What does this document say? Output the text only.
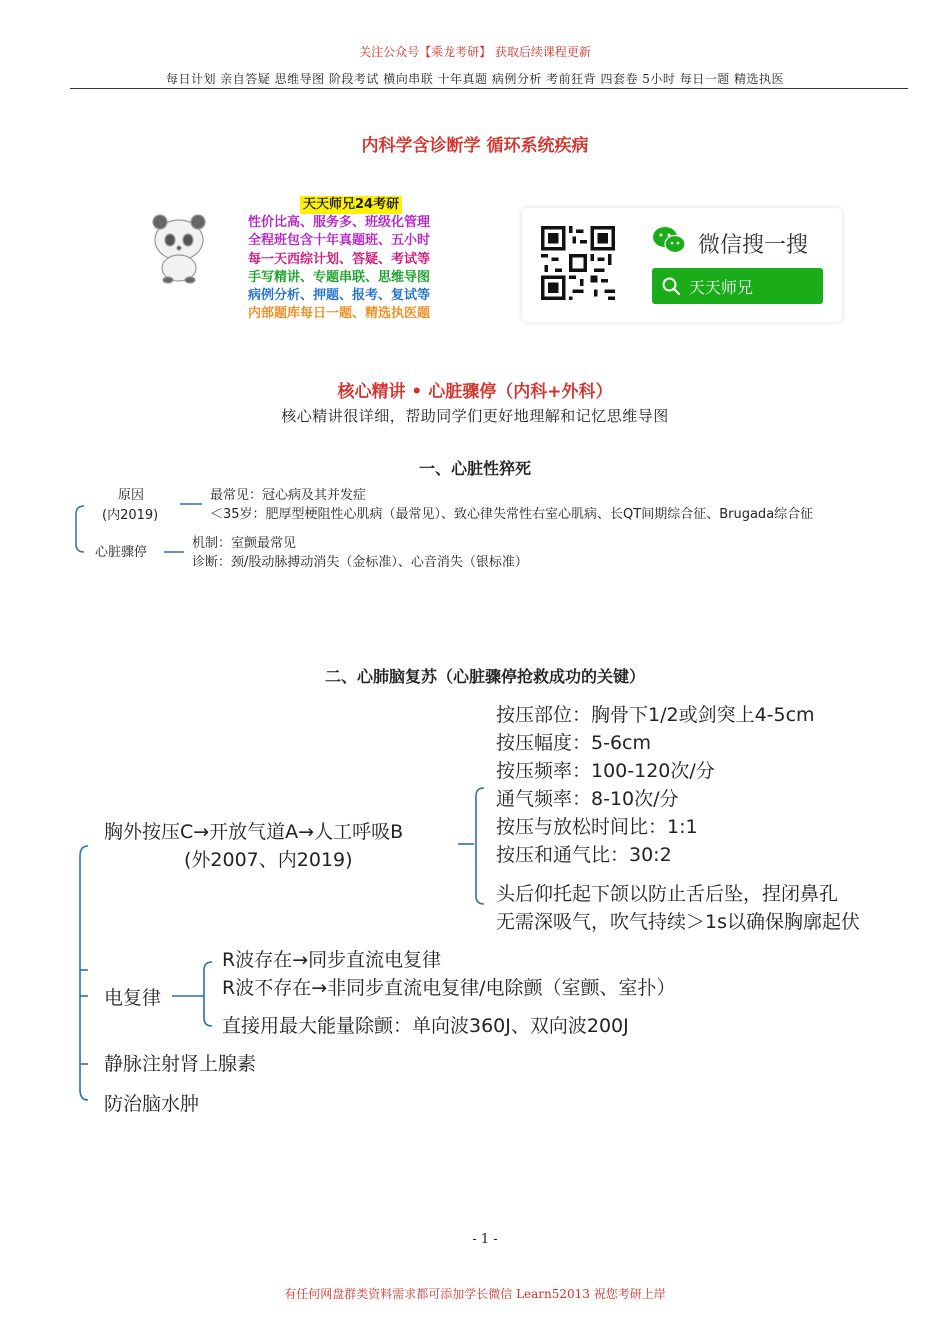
关注公众号【乘龙考研】 获取后续课程更新
每日计划 亲自答疑 思维导图 阶段考试 横向串联 十年真题 病例分析 考前狂背 四套卷 5小时 每日一题 精选执医
内科学含诊断学 循环系统疾病
天天师兄24考研
性价比高、服务多、班级化管理
全程班包含十年真题班、五小时
每一天西综计划、答疑、考试等
手写精讲、专题串联、思维导图
病例分析、押题、报考、复试等
内部题库每日一题、精选执医题
微信搜一搜
天天师兄
核心精讲 • 心脏骤停（内科+外科）
核心精讲很详细，帮助同学们更好地理解和记忆思维导图
一、心脏性猝死
原因
(内2019)
最常见：冠心病及其并发症
＜35岁：肥厚型梗阻性心肌病（最常见）、致心律失常性右室心肌病、长QT间期综合征、Brugada综合征
心脏骤停
机制：室颤最常见
诊断：颈/股动脉搏动消失（金标准）、心音消失（银标准）
二、心肺脑复苏（心脏骤停抢救成功的关键）
胸外按压C→开放气道A→人工呼吸B
(外2007、内2019)
按压部位：胸骨下1/2或剑突上4-5cm
按压幅度：5-6cm
按压频率：100-120次/分
通气频率：8-10次/分
按压与放松时间比：1:1
按压和通气比：30:2
头后仰托起下颌以防止舌后坠，捏闭鼻孔
无需深吸气，吹气持续＞1s以确保胸廓起伏
电复律
R波存在→同步直流电复律
R波不存在→非同步直流电复律/电除颤（室颤、室扑）
直接用最大能量除颤：单向波360J、双向波200J
静脉注射肾上腺素
防治脑水肿
- 1 -
有任何网盘群类资料需求都可添加学长微信 Learn52013 祝您考研上岸
